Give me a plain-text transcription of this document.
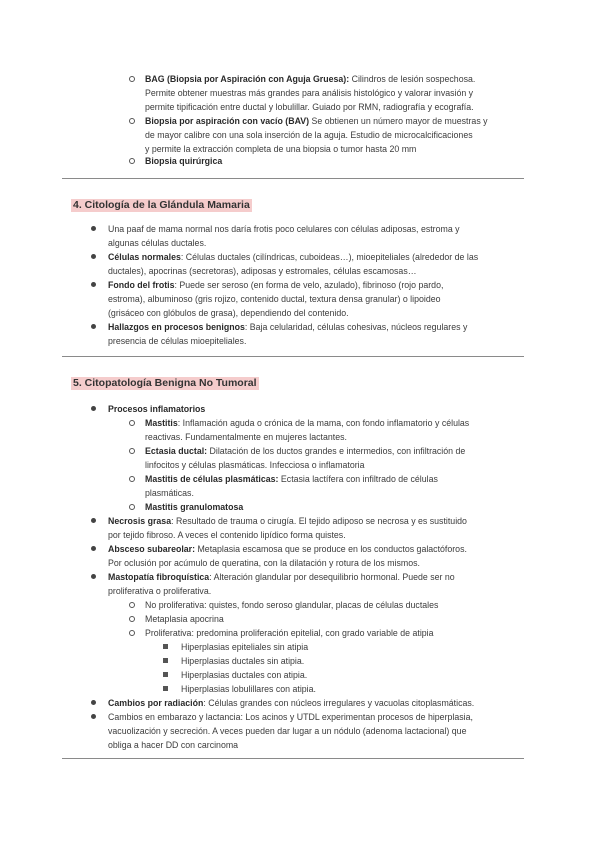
BAG (Biopsia por Aspiración con Aguja Gruesa): Cilindros de lesión sospechosa.
Permite obtener muestras más grandes para análisis histológico y valorar invasión y
permite tipificación entre ductal y lobulillar. Guiado por RMN, radiografía y ecografía.
Biopsia por aspiración con vacío (BAV) Se obtienen un número mayor de muestras y
de mayor calibre con una sola inserción de la aguja. Estudio de microcalcificaciones
y permite la extracción completa de una biopsia o tumor hasta 20 mm
Biopsia quirúrgica
4. Citología de la Glándula Mamaria
Una paaf de mama normal nos daría frotis poco celulares con células adiposas, estroma y
algunas células ductales.
Células normales: Células ductales (cilíndricas, cuboideas…), mioepiteliales (alrededor de las
ductales), apocrinas (secretoras), adiposas y estromales, células escamosas…
Fondo del frotis: Puede ser seroso (en forma de velo, azulado), fibrinoso (rojo pardo,
estroma), albuminoso (gris rojizo, contenido ductal, textura densa granular) o lipoideo
(grisáceo con glóbulos de grasa), dependiendo del contenido.
Hallazgos en procesos benignos: Baja celularidad, células cohesivas, núcleos regulares y
presencia de células mioepiteliales.
5. Citopatología Benigna No Tumoral
Procesos inflamatorios
Mastitis: Inflamación aguda o crónica de la mama, con fondo inflamatorio y células
reactivas. Fundamentalmente en mujeres lactantes.
Ectasia ductal: Dilatación de los ductos grandes e intermedios, con infiltración de
linfocitos y células plasmáticas. Infecciosa o inflamatoria
Mastitis de células plasmáticas: Ectasia lactífera con infiltrado de células
plasmáticas.
Mastitis granulomatosa
Necrosis grasa: Resultado de trauma o cirugía. El tejido adiposo se necrosa y es sustituido
por tejido fibroso. A veces el contenido lipídico forma quistes.
Absceso subareolar: Metaplasia escamosa que se produce en los conductos galactóforos.
Por oclusión por acúmulo de queratina, con la dilatación y rotura de los mismos.
Mastopatía fibroquística: Alteración glandular por desequilibrio hormonal. Puede ser no
proliferativa o proliferativa.
No proliferativa: quistes, fondo seroso glandular, placas de células ductales
Metaplasia apocrina
Proliferativa: predomina proliferación epitelial, con grado variable de atipia
Hiperplasias epiteliales sin atipia
Hiperplasias ductales sin atipia.
Hiperplasias ductales con atipia.
Hiperplasias lobulillares con atipia.
Cambios por radiación: Células grandes con núcleos irregulares y vacuolas citoplasmáticas.
Cambios en embarazo y lactancia: Los acinos y UTDL experimentan procesos de hiperplasia,
vacuolización y secreción. A veces pueden dar lugar a un nódulo (adenoma lactacional) que
obliga a hacer DD con carcinoma
